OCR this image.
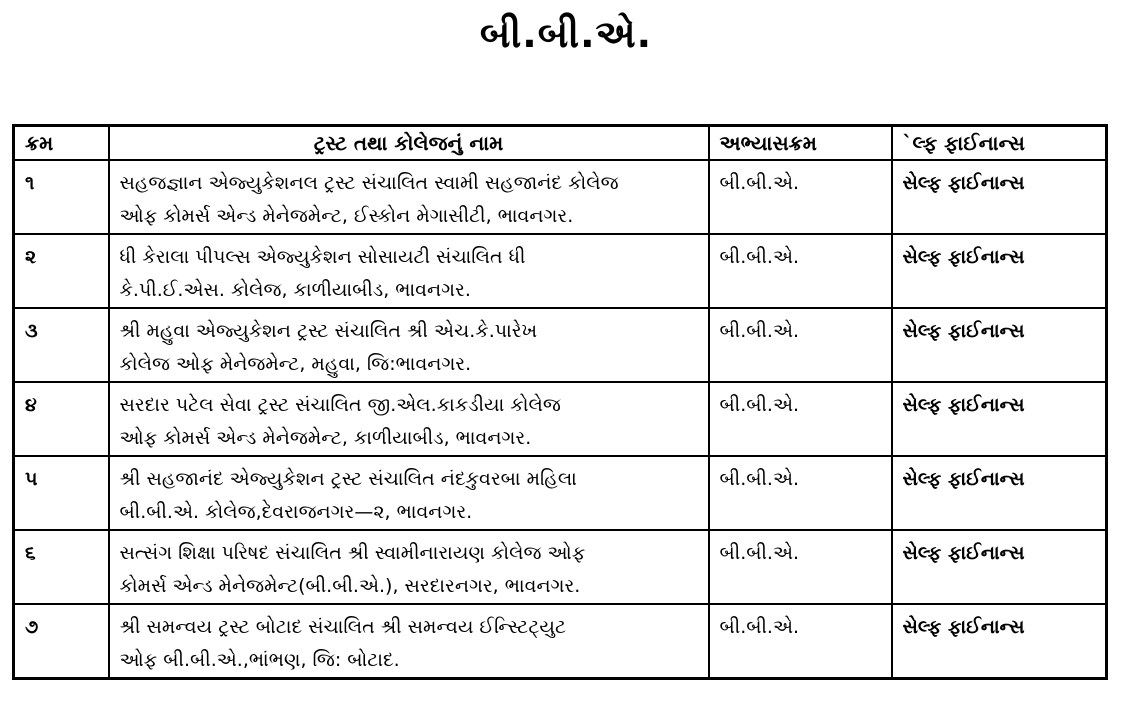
બી.બી.એ.
ક્રમ	ટ્રસ્ટ તથા કોલેજનું નામ	અભ્યાસક્રમ	`લ્ફ ફાઈનાન્સ
૧	સહજજ્ઞાન એજ્યુકેશનલ ટ્રસ્ટ સંચાલિત સ્વામી સહજાનંદ કોલેજ
ઓફ કોમર્સ એન્ડ મેનેજમેન્ટ, ઈસ્કોન મેગાસીટી, ભાવનગર.	બી.બી.એ.	સેલ્ફ ફાઈનાન્સ
૨	ધી કેરાલા પીપલ્સ એજ્યુકેશન સોસાયટી સંચાલિત ધી
કે.પી.ઈ.એસ. કોલેજ, કાળીયાબીડ, ભાવનગર.	બી.બી.એ.	સેલ્ફ ફાઈનાન્સ
૩	શ્રી મહુવા એજ્યુકેશન ટ્રસ્ટ સંચાલિત શ્રી એચ.કે.પારેખ
કોલેજ ઓફ મેનેજમેન્ટ, મહુવા, જિ:ભાવનગર.	બી.બી.એ.	સેલ્ફ ફાઈનાન્સ
૪	સરદાર પટેલ સેવા ટ્રસ્ટ સંચાલિત જી.એલ.કાકડીયા કોલેજ
ઓફ કોમર્સ એન્ડ મેનેજમેન્ટ, કાળીયાબીડ, ભાવનગર.	બી.બી.એ.	સેલ્ફ ફાઈનાન્સ
૫	શ્રી સહજાનંદ એજ્યુકેશન ટ્રસ્ટ સંચાલિત નંદકુવરબા મહિલા
બી.બી.એ. કોલેજ,દેવરાજનગર—૨, ભાવનગર.	બી.બી.એ.	સેલ્ફ ફાઈનાન્સ
૬	સત્સંગ શિક્ષા પરિષદ સંચાલિત શ્રી સ્વામીનારાયણ કોલેજ ઓફ
કોમર્સ એન્ડ મેનેજમેન્ટ(બી.બી.એ.), સરદારનગર, ભાવનગર.	બી.બી.એ.	સેલ્ફ ફાઈનાન્સ
૭	શ્રી સમન્વય ટ્રસ્ટ બોટાદ સંચાલિત શ્રી સમન્વય ઈન્સ્ટિટ્યુટ
ઓફ બી.બી.એ.,ભાંભણ, જિ: બોટાદ.	બી.બી.એ.	સેલ્ફ ફાઈનાન્સ
